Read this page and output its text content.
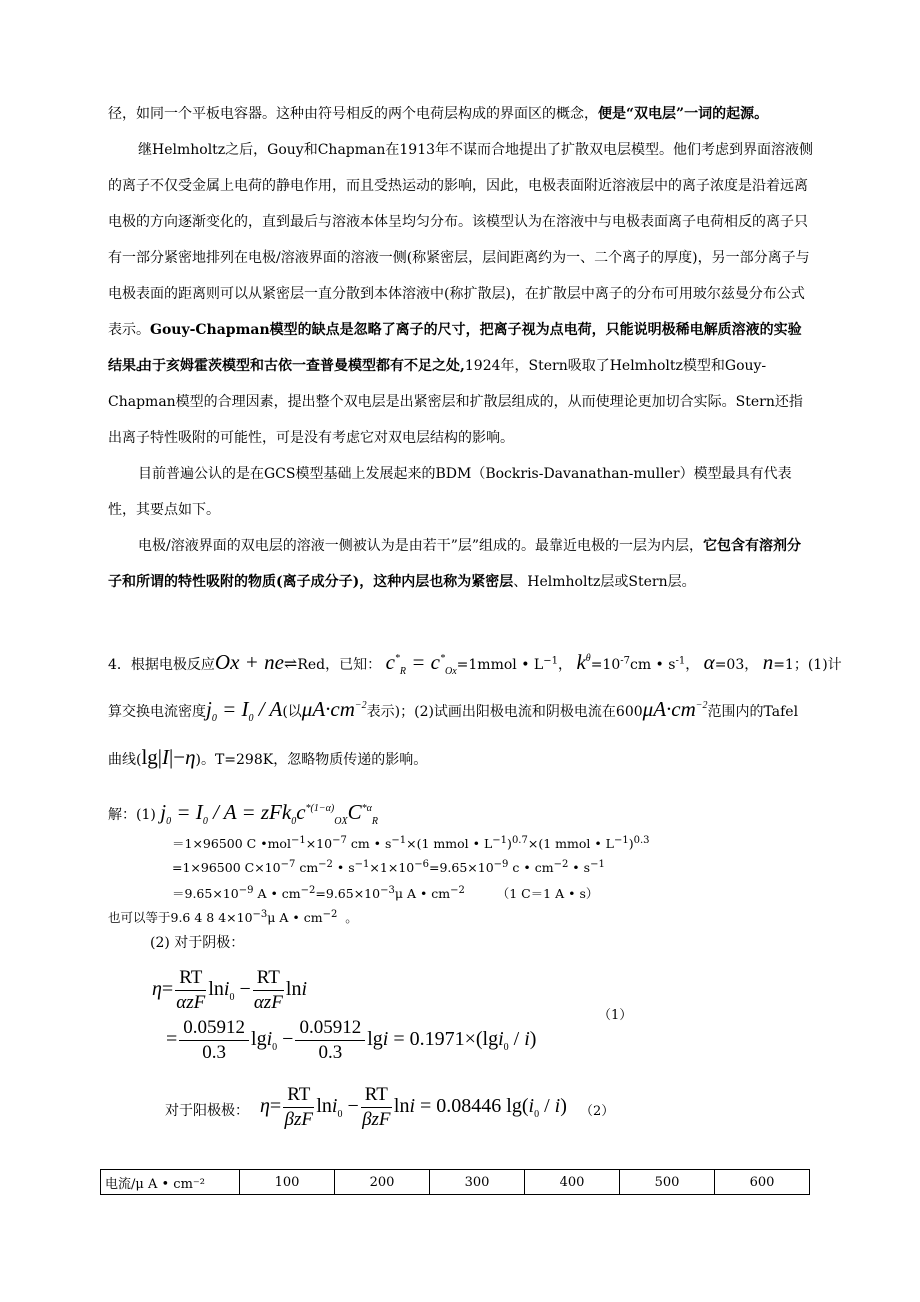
径，如同一个平板电容器。这种由符号相反的两个电荷层构成的界面区的概念，便是“双电层”一词的起源。

继Helmholtz之后，Gouy和Chapman在1913年不谋而合地提出了扩散双电层模型。他们考虑到界面溶液侧的离子不仅受金属上电荷的静电作用，而且受热运动的影响，因此，电极表面附近溶液层中的离子浓度是沿着远离电极的方向逐渐变化的，直到最后与溶液本体呈均匀分布。该模型认为在溶液中与电极表面离子电荷相反的离子只有一部分紧密地排列在电极/溶液界面的溶液一侧(称紧密层，层间距离约为一、二个离子的厚度)，另一部分离子与电极表面的距离则可以从紧密层一直分散到本体溶液中(称扩散层)，在扩散层中离子的分布可用玻尔兹曼分布公式表示。Gouy-Chapman模型的缺点是忽略了离子的尺寸，把离子视为点电荷，只能说明极稀电解质溶液的实验结果。

由于亥姆霍茨模型和古依一查普曼模型都有不足之处,1924年，Stern吸取了Helmholtz模型和Gouy-Chapman模型的合理因素，提出整个双电层是出紧密层和扩散层组成的，从而使理论更加切合实际。Stern还指出离子特性吸附的可能性，可是没有考虑它对双电层结构的影响。

目前普遍公认的是在GCS模型基础上发展起来的BDM（Bockris-Davanathan-muller）模型最具有代表性，其要点如下。

电极/溶液界面的双电层的溶液一侧被认为是由若干”层”组成的。最靠近电极的一层为内层，它包含有溶剂分子和所谓的特性吸附的物质(离子成分子)，这种内层也称为紧密层、Helmholtz层或Stern层。

4．根据电极反应Ox + ne⇌Red，已知： $c^*_R$ = $c^*_{Ox}=1mmol$ • $L^{-1}$， $k^\theta=10^{-7}cm$ • $s^{-1}$， α=03， n=1；(1)计
算交换电流密度$j_0 = I_0 / A$(以$\mu A\cdot cm^{-2}$表示)；(2)试画出阳极电流和阴极电流在$600\mu A\cdot cm^{-2}$范围内的Tafel
曲线(lg|I|−η)。T=298K，忽略物质传递的影响。
解：(1) $j_0 = I_0 / A = zFk_0c^{*(1-\alpha)}_{OX}C^{*\alpha}_R$
＝1×96500 C $•mol^{-1}\times 10^{-7}$ cm • $s^{-1}\times(1$ mmol • $L^{-1})^{0.7}\times(1$ mmol • $L^{-1})^{0.3}$
=1×96500 $C\times 10^{-7}$ $cm^{-2}$ • $s^{-1}\times 1\times 10^{-6}=9.65\times 10^{-9}$ c • $cm^{-2}$ • $s^{-1}$
$=9.65\times 10^{-9}$ A • $cm^{-2}=9.65\times 10^{-3}\mu$ A • $cm^{-2}$        （1 C＝1 A • s）
也可以等于9.6 4 8 $4\times 10^{-3}\mu$ A • $cm^{-2}$  。
(2) 对于阴极：
$\eta= \frac{RT}{\text{αzF}} \ln i_0 - \frac{RT}{\text{αzF}}$ lni
= $\frac{0.05912}{0.3} \lg i_0 - \frac{0.05912}{0.3}$ lgi = 0.1971×(lgi$_0$ / i)
（1）
对于阳极极： $\eta= \frac{RT}{\text{βzF}} \ln i_0 - \frac{RT}{\text{βzF}}$ lni = 0.08446 $\lg(i_0 / i)$ （2）
电流/μ A • cm⁻²	100	200	300	400	500	600
